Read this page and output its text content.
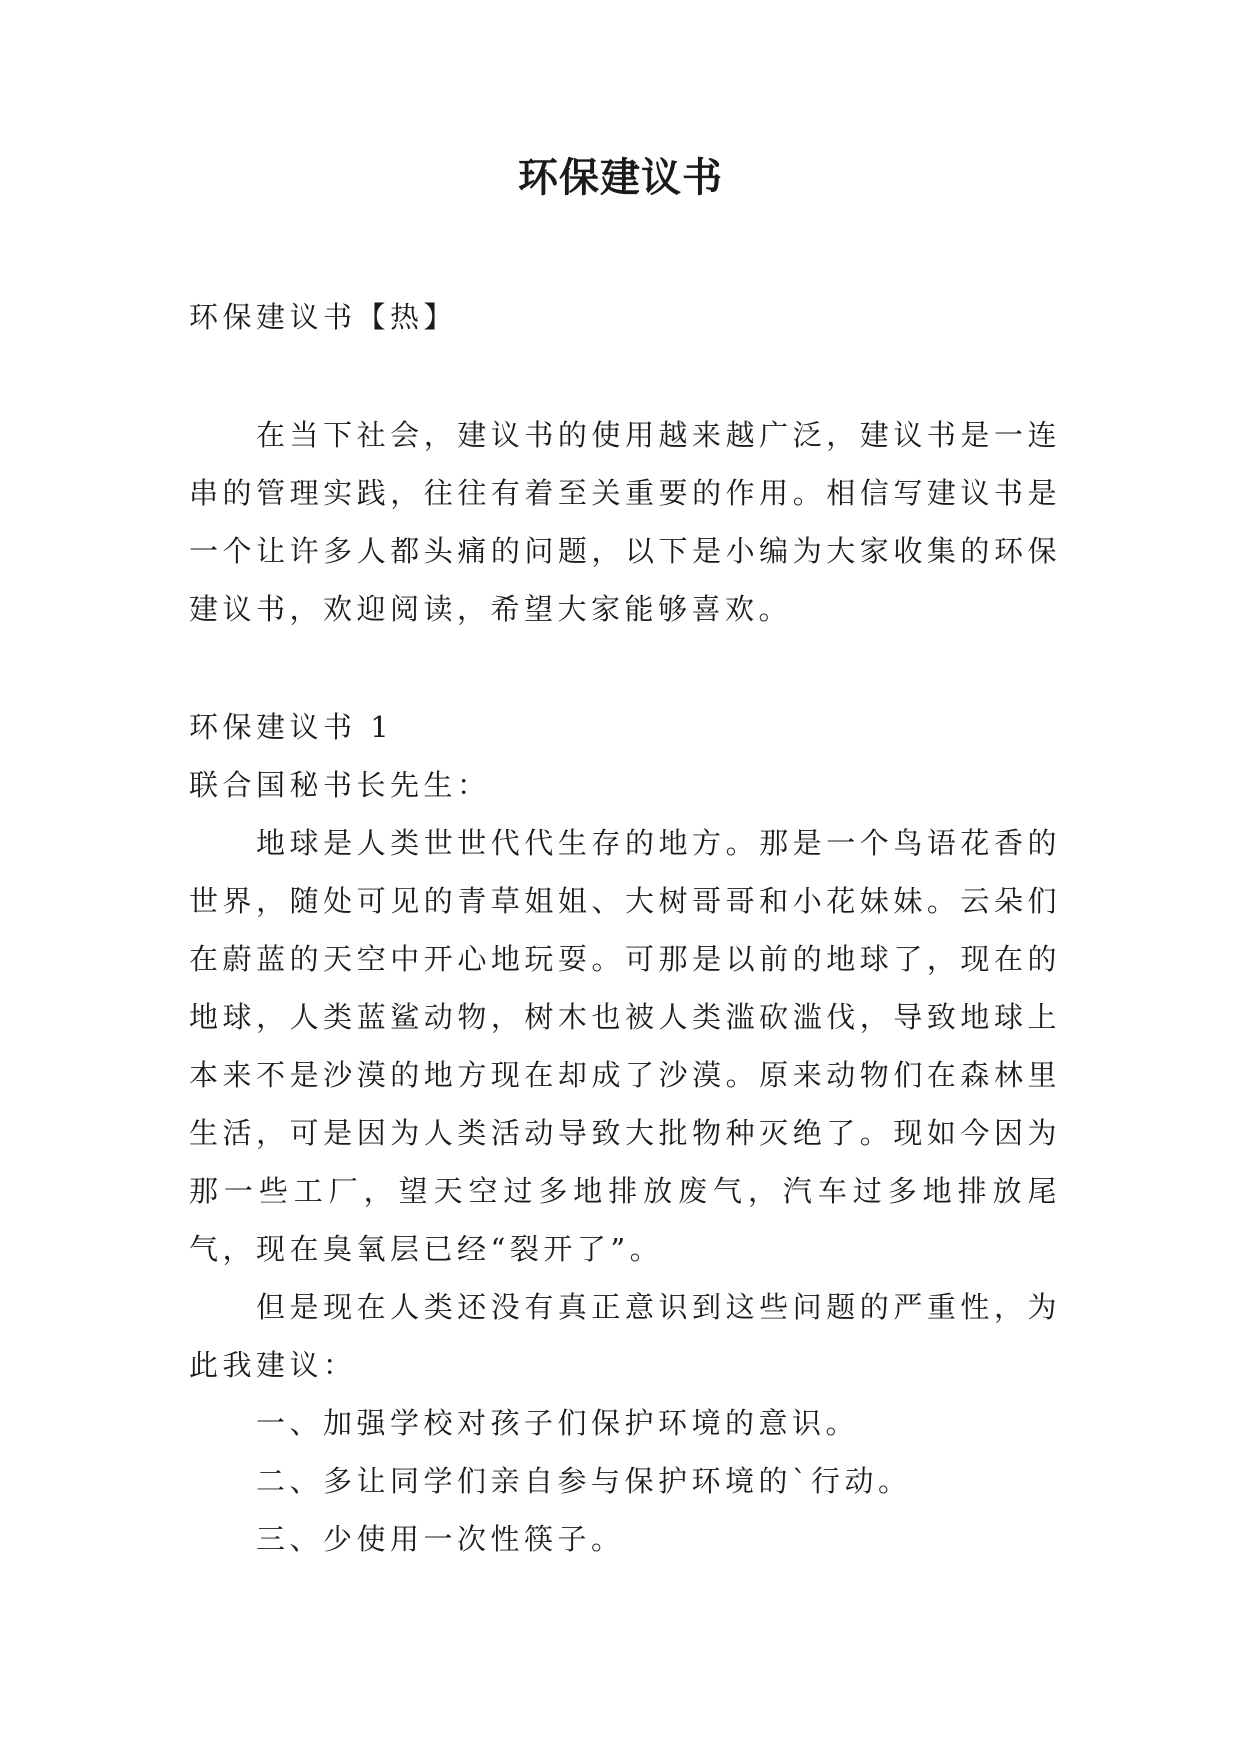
环保建议书
环保建议书【热】

在当下社会，建议书的使用越来越广泛，建议书是一连串的管理实践，往往有着至关重要的作用。相信写建议书是一个让许多人都头痛的问题，以下是小编为大家收集的环保建议书，欢迎阅读，希望大家能够喜欢。

环保建议书 1

联合国秘书长先生：

地球是人类世世代代生存的地方。那是一个鸟语花香的世界，随处可见的青草姐姐、大树哥哥和小花妹妹。云朵们在蔚蓝的天空中开心地玩耍。可那是以前的地球了，现在的地球，人类蓝鲨动物，树木也被人类滥砍滥伐，导致地球上本来不是沙漠的地方现在却成了沙漠。原来动物们在森林里生活，可是因为人类活动导致大批物种灭绝了。现如今因为那一些工厂，望天空过多地排放废气，汽车过多地排放尾气，现在臭氧层已经“裂开了”。

但是现在人类还没有真正意识到这些问题的严重性，为此我建议：

一、加强学校对孩子们保护环境的意识。

二、多让同学们亲自参与保护环境的`行动。

三、少使用一次性筷子。
